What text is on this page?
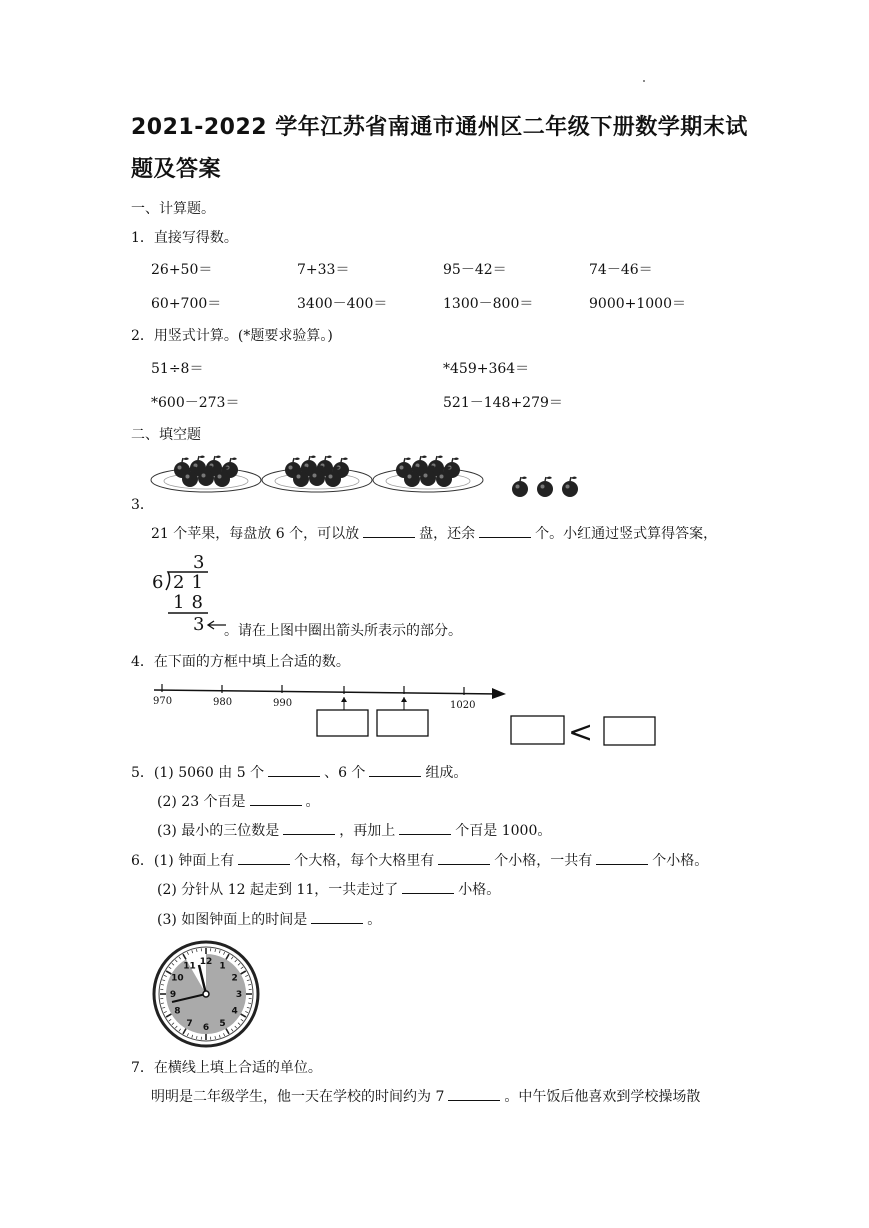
2021-2022 学年江苏省南通市通州区二年级下册数学期末试
题及答案
一、计算题。
1．直接写得数。
26+50＝	7+33＝	95－42＝	74－46＝
60+700＝	3400－400＝	1300－800＝	9000+1000＝
2．用竖式计算。(*题要求验算。)
51÷8＝	*459+364＝
*600－273＝	521－148+279＝
二、填空题
3．
21 个苹果，每盘放 6 个，可以放	盘，还余	个。小红通过竖式算得答案，
3
6 21
18
3 。请在上图中圈出箭头所表示的部分。
4．在下面的方框中填上合适的数。
970	980	990	1020
<
5．(1) 5060 由 5 个	、6 个	组成。
(2) 23 个百是	。
(3) 最小的三位数是	，再加上	个百是 1000。
6．(1) 钟面上有	个大格，每个大格里有	个小格，一共有	个小格。
(2) 分针从 12 起走到 11，一共走过了	小格。
(3) 如图钟面上的时间是	。
12 1
2
3
4
5
6
7
8
9
10
11
7．在横线上填上合适的单位。
明明是二年级学生，他一天在学校的时间约为 7	。中午饭后他喜欢到学校操场散
